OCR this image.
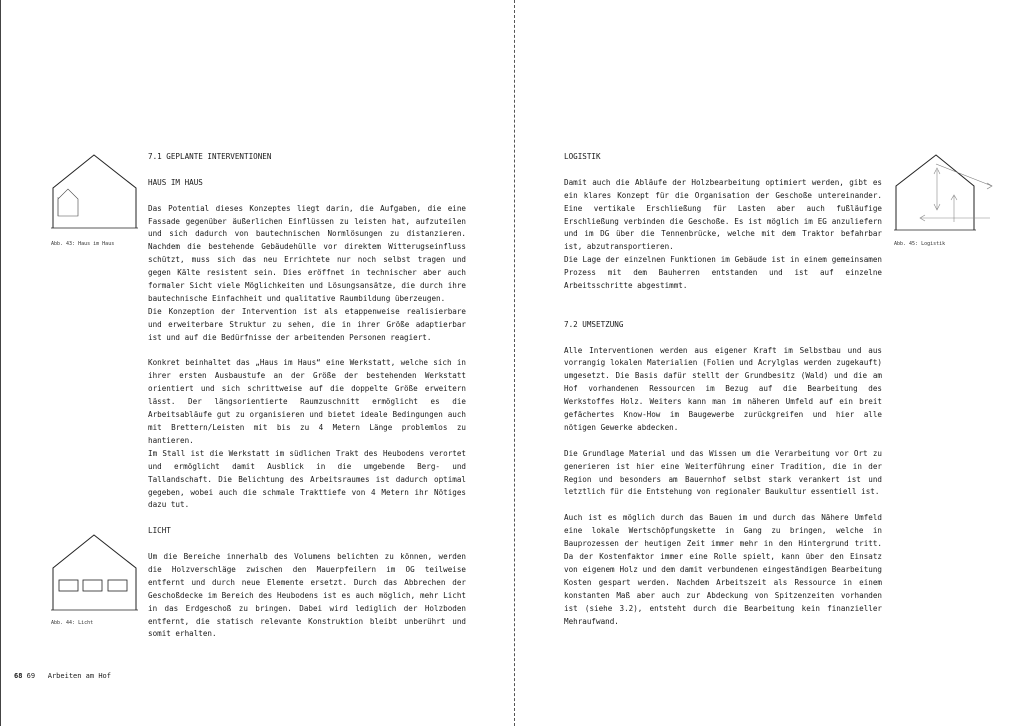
Abb. 43: Haus im Haus

7.1 GEPLANTE INTERVENTIONEN

HAUS IM HAUS

Das Potential dieses Konzeptes liegt darin, die Aufgaben, die eine Fassade gegenüber äußerlichen Einflüssen zu leisten hat, aufzuteilen und sich dadurch von bautechnischen Normlösungen zu distanzieren. Nachdem die bestehende Gebäudehülle vor direktem Witterugseinfluss schützt, muss sich das neu Errichtete nur noch selbst tragen und gegen Kälte resistent sein. Dies eröffnet in technischer aber auch formaler Sicht viele Möglichkeiten und Lösungsansätze, die durch ihre bautechnische Einfachheit und qualitative Raumbildung überzeugen.

Die Konzeption der Intervention ist als etappenweise realisierbare und erweiterbare Struktur zu sehen, die in ihrer Größe adaptierbar ist und auf die Bedürfnisse der arbeitenden Personen reagiert.

Konkret beinhaltet das „Haus im Haus“ eine Werkstatt, welche sich in ihrer ersten Ausbaustufe an der Größe der bestehenden Werkstatt orientiert und sich schrittweise auf die doppelte Größe erweitern lässt. Der längsorientierte Raumzuschnitt ermöglicht es die Arbeitsabläufe gut zu organisieren und bietet ideale Bedingungen auch mit Brettern/Leisten mit bis zu 4 Metern Länge problemlos zu hantieren.

Im Stall ist die Werkstatt im südlichen Trakt des Heubodens verortet und ermöglicht damit Ausblick in die umgebende Berg- und Tallandschaft. Die Belichtung des Arbeitsraumes ist dadurch optimal gegeben, wobei auch die schmale Trakttiefe von 4 Metern ihr Nötiges dazu tut.

LICHT

Um die Bereiche innerhalb des Volumens belichten zu können, werden die Holzverschläge zwischen den Mauerpfeilern im OG teilweise entfernt und durch neue Elemente ersetzt. Durch das Abbrechen der Geschoßdecke im Bereich des Heubodens ist es auch möglich, mehr Licht in das Erdgeschoß zu bringen. Dabei wird lediglich der Holzboden entfernt, die statisch relevante Konstruktion bleibt unberührt und somit erhalten.

Abb. 44: Licht
68 69 Arbeiten am Hof

LOGISTIK

Damit auch die Abläufe der Holzbearbeitung optimiert werden, gibt es ein klares Konzept für die Organisation der Geschoße untereinander. Eine vertikale Erschließung für Lasten aber auch fußläufige Erschließung verbinden die Geschoße. Es ist möglich im EG anzuliefern und im DG über die Tennenbrücke, welche mit dem Traktor befahrbar ist, abzutransportieren.

Die Lage der einzelnen Funktionen im Gebäude ist in einem gemeinsamen Prozess mit dem Bauherren entstanden und ist auf einzelne Arbeitsschritte abgestimmt.

7.2 UMSETZUNG

Alle Interventionen werden aus eigener Kraft im Selbstbau und aus vorrangig lokalen Materialien (Folien und Acrylglas werden zugekauft) umgesetzt. Die Basis dafür stellt der Grundbesitz (Wald) und die am Hof vorhandenen Ressourcen im Bezug auf die Bearbeitung des Werkstoffes Holz. Weiters kann man im näheren Umfeld auf ein breit gefächertes Know-How im Baugewerbe zurückgreifen und hier alle nötigen Gewerke abdecken.

Die Grundlage Material und das Wissen um die Verarbeitung vor Ort zu generieren ist hier eine Weiterführung einer Tradition, die in der Region und besonders am Bauernhof selbst stark verankert ist und letztlich für die Entstehung von regionaler Baukultur essentiell ist.

Auch ist es möglich durch das Bauen im und durch das Nähere Umfeld eine lokale Wertschöpfungskette in Gang zu bringen, welche in Bauprozessen der heutigen Zeit immer mehr in den Hintergrund tritt. Da der Kostenfaktor immer eine Rolle spielt, kann über den Einsatz von eigenem Holz und dem damit verbundenen eingeständigen Bearbeitung Kosten gespart werden. Nachdem Arbeitszeit als Ressource in einem konstanten Maß aber auch zur Abdeckung von Spitzenzeiten vorhanden ist (siehe 3.2), entsteht durch die Bearbeitung kein finanzieller Mehraufwand.

Abb. 45: Logistik
